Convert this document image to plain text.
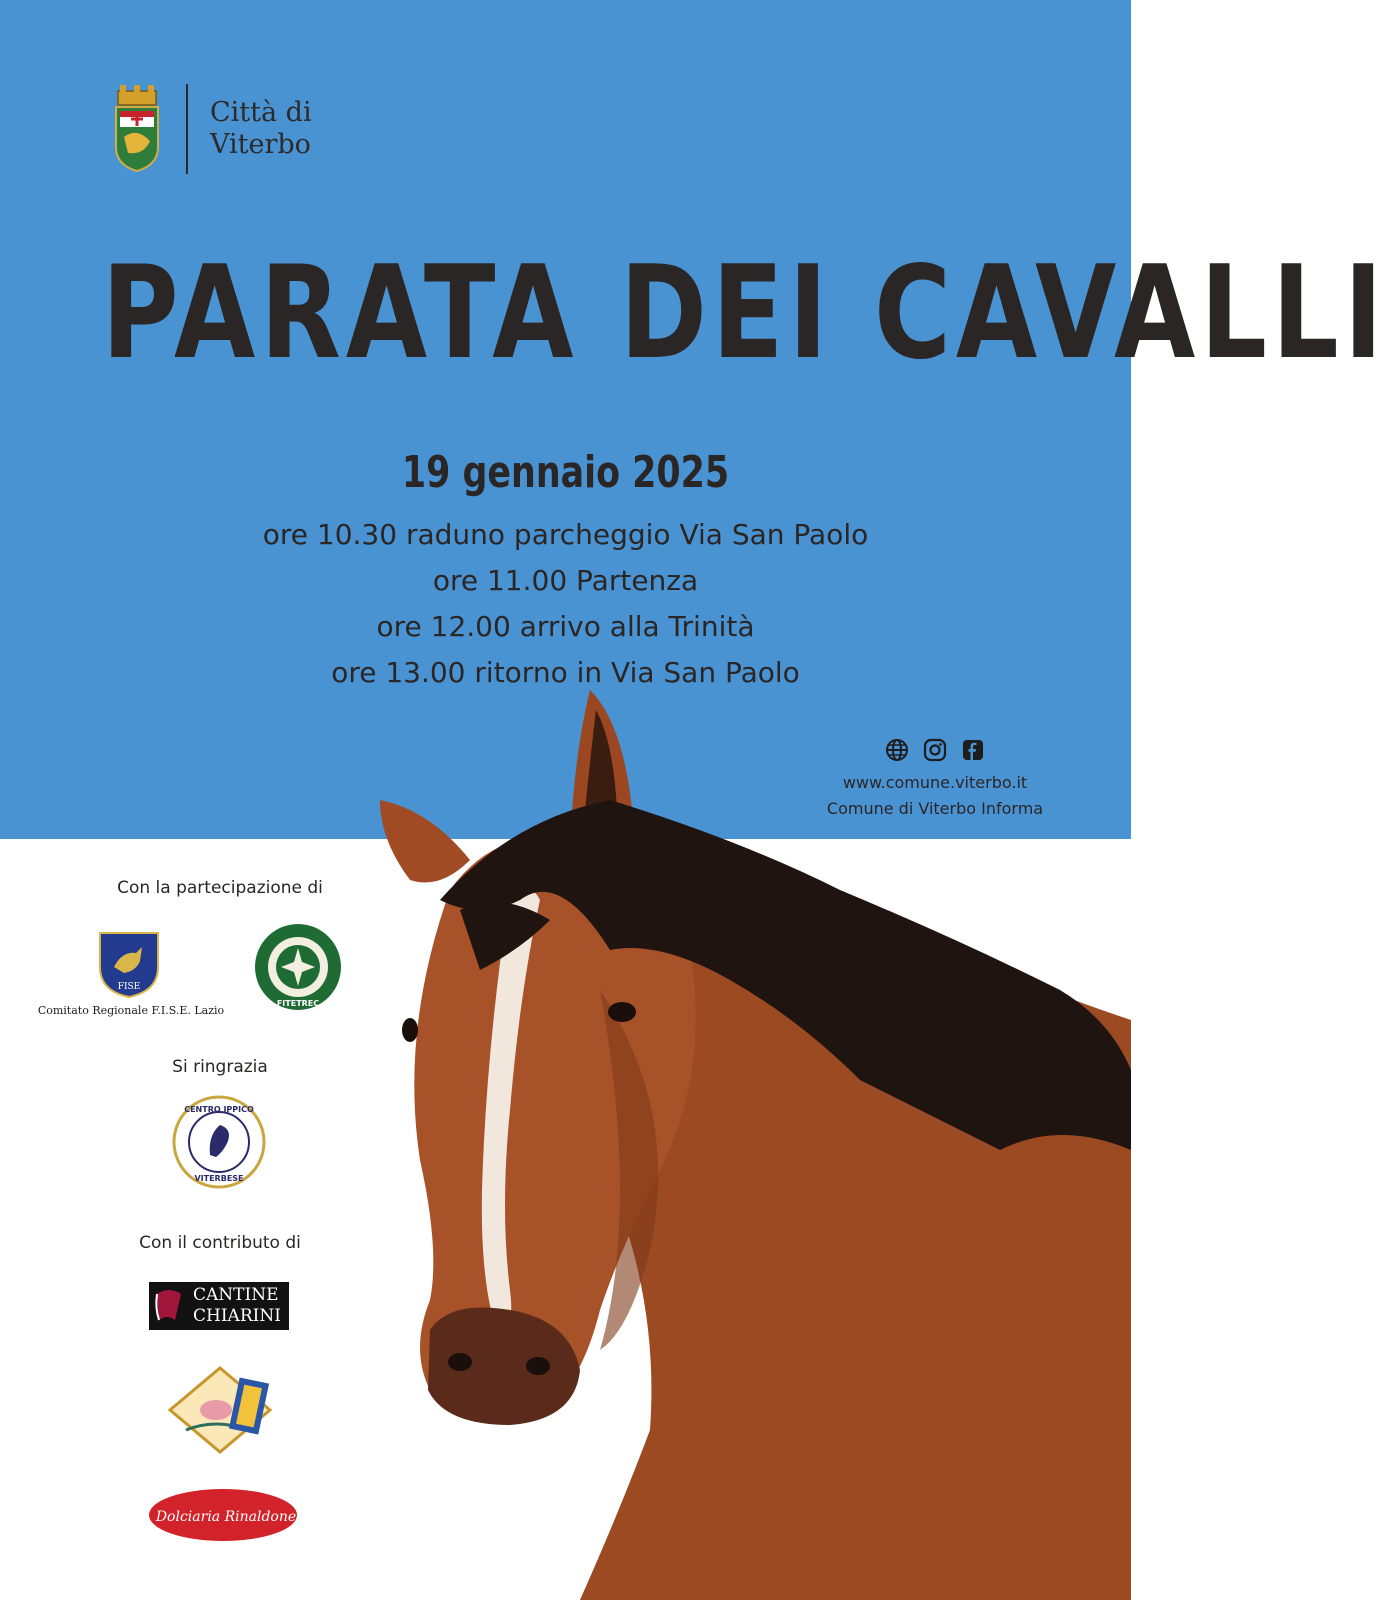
Città di
Viterbo
PARATA DEI CAVALLI
19 gennaio 2025
ore 10.30 raduno parcheggio Via San Paolo
ore 11.00 Partenza
ore 12.00 arrivo alla Trinità
ore 13.00 ritorno in Via San Paolo
www.comune.viterbo.it
Comune di Viterbo Informa
Con la partecipazione di
FISE
Comitato Regionale F.I.S.E. Lazio
FITETREC
Si ringrazia
CENTRO IPPICO
VITERBESE
Con il contributo di
CANTINE
CHIARINI
Dolciaria Rinaldone
